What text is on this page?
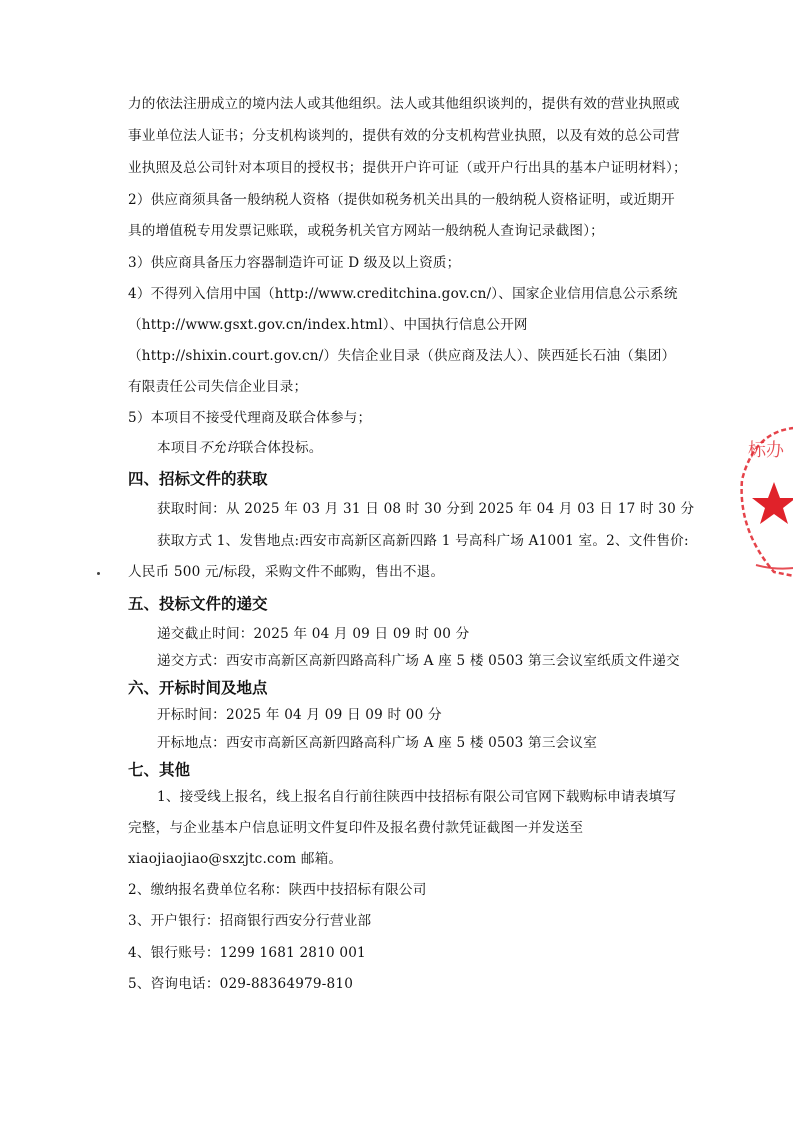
力的依法注册成立的境内法人或其他组织。法人或其他组织谈判的，提供有效的营业执照或
事业单位法人证书；分支机构谈判的，提供有效的分支机构营业执照，以及有效的总公司营
业执照及总公司针对本项目的授权书；提供开户许可证（或开户行出具的基本户证明材料）；
2）供应商须具备一般纳税人资格（提供如税务机关出具的一般纳税人资格证明，或近期开
具的增值税专用发票记账联，或税务机关官方网站一般纳税人查询记录截图）；
3）供应商具备压力容器制造许可证 D 级及以上资质；
4）不得列入信用中国（http://www.creditchina.gov.cn/）、国家企业信用信息公示系统
（http://www.gsxt.gov.cn/index.html）、中国执行信息公开网
（http://shixin.court.gov.cn/）失信企业目录（供应商及法人）、陕西延长石油（集团）
有限责任公司失信企业目录；
5）本项目不接受代理商及联合体参与；
本项目不允许联合体投标。
四、招标文件的获取
获取时间：从 2025 年 03 月 31 日 08 时 30 分到 2025 年 04 月 03 日 17 时 30 分
获取方式 1、发售地点:西安市高新区高新四路 1 号高科广场 A1001 室。2、文件售价:
人民币 500 元/标段，采购文件不邮购，售出不退。
五、投标文件的递交
递交截止时间：2025 年 04 月 09 日 09 时 00 分
递交方式：西安市高新区高新四路高科广场 A 座 5 楼 0503 第三会议室纸质文件递交
六、开标时间及地点
开标时间：2025 年 04 月 09 日 09 时 00 分
开标地点：西安市高新区高新四路高科广场 A 座 5 楼 0503 第三会议室
七、其他
1、接受线上报名，线上报名自行前往陕西中技招标有限公司官网下载购标申请表填写
完整，与企业基本户信息证明文件复印件及报名费付款凭证截图一并发送至
xiaojiaojiao@sxzjtc.com 邮箱。
2、缴纳报名费单位名称：陕西中技招标有限公司
3、开户银行：招商银行西安分行营业部
4、银行账号：1299 1681 2810 001
5、咨询电话：029-88364979-810
标办
